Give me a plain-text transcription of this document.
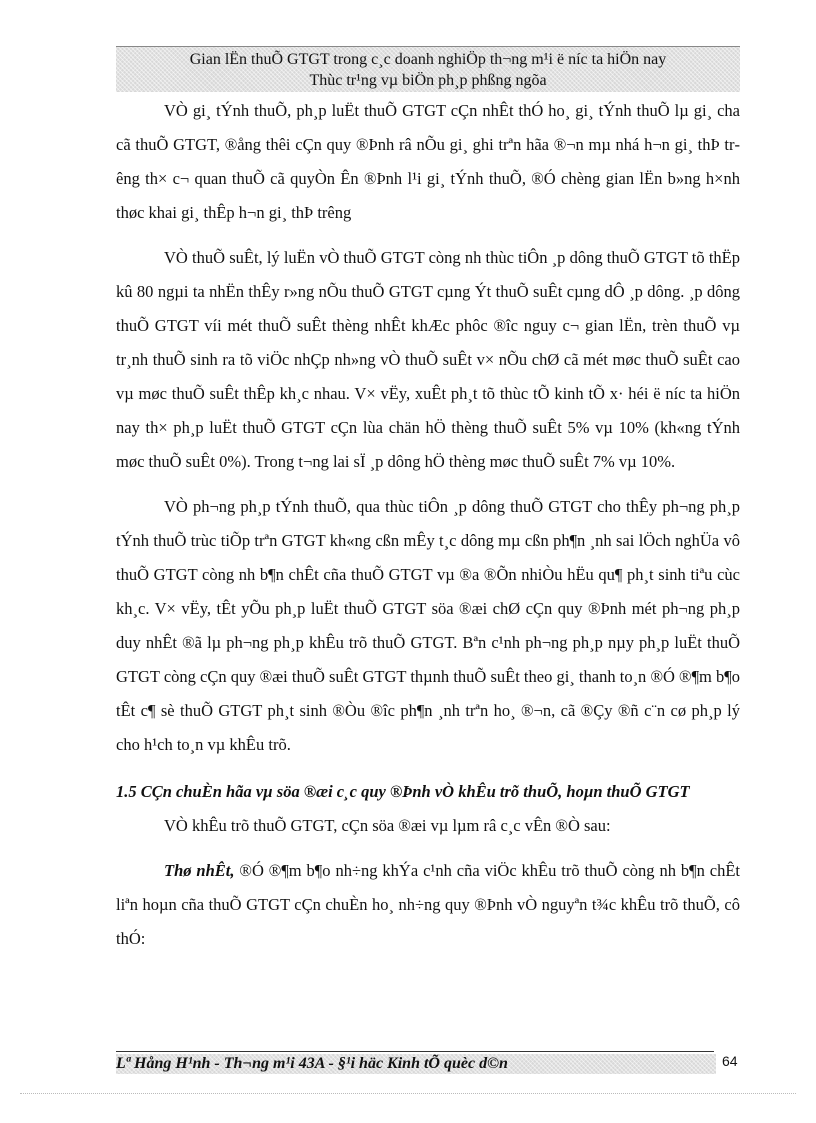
Gian lËn thuÕ GTGT trong c¸c doanh nghiÖp th¬ng m¹i ë níc ta hiÖn nay
Thùc tr¹ng vµ biÖn ph¸p phßng ngõa

VÒ gi¸ tÝnh thuÕ, ph¸p luËt thuÕ GTGT cÇn nhÊt thÓ ho¸ gi¸ tÝnh thuÕ lµ gi¸ cha cã thuÕ GTGT, ®ång thêi cÇn quy ®Þnh râ nÕu gi¸ ghi trªn hãa ®¬n mµ nhá h¬n gi¸ thÞ trêng th× c¬ quan thuÕ cã quyÒn Ên ®Þnh l¹i gi¸ tÝnh thuÕ, ®Ó chèng gian lËn b»ng h×nh thøc khai gi¸ thÊp h¬n gi¸ thÞ trêng

VÒ thuÕ suÊt, lý luËn vÒ thuÕ GTGT còng nh thùc tiÔn ¸p dông thuÕ GTGT tõ thËp kû 80 ngµi ta nhËn thÊy r»ng nÕu thuÕ GTGT cµng Ýt thuÕ suÊt cµng dÔ ¸p dông. ¸p dông thuÕ GTGT víi mét thuÕ suÊt thèng nhÊt khÆc phôc ®îc nguy c¬ gian lËn, trèn thuÕ vµ tr¸nh thuÕ sinh ra tõ viÖc nhÇp nh»ng vÒ thuÕ suÊt v× nÕu chØ cã mét møc thuÕ suÊt cao vµ møc thuÕ suÊt thÊp kh¸c nhau. V× vËy, xuÊt ph¸t tõ thùc tÕ kinh tÕ x· héi ë níc ta hiÖn nay th× ph¸p luËt thuÕ GTGT cÇn lùa chän hÖ thèng thuÕ suÊt 5% vµ 10% (kh«ng tÝnh møc thuÕ suÊt 0%). Trong t¬ng lai sÏ ¸p dông hÖ thèng møc thuÕ suÊt 7% vµ 10%.

VÒ ph¬ng ph¸p tÝnh thuÕ, qua thùc tiÔn ¸p dông thuÕ GTGT cho thÊy ph¬ng ph¸p tÝnh thuÕ trùc tiÕp trªn GTGT kh«ng cßn mÊy t¸c dông mµ cßn ph¶n ¸nh sai lÖch nghÜa vô thuÕ GTGT còng nh b¶n chÊt cña thuÕ GTGT vµ ®a ®Õn nhiÒu hËu qu¶ ph¸t sinh tiªu cùc kh¸c. V× vËy, tÊt yÕu ph¸p luËt thuÕ GTGT söa ®æi chØ cÇn quy ®Þnh mét ph¬ng ph¸p duy nhÊt ®ã lµ ph¬ng ph¸p khÊu trõ thuÕ GTGT. Bªn c¹nh ph¬ng ph¸p nµy ph¸p luËt thuÕ GTGT còng cÇn quy ®æi thuÕ suÊt GTGT thµnh thuÕ suÊt theo gi¸ thanh to¸n ®Ó ®¶m b¶o tÊt c¶ sè thuÕ GTGT ph¸t sinh ®Òu ®îc ph¶n ¸nh trªn ho¸ ®¬n, cã ®Çy ®ñ c¨n cø ph¸p lý cho h¹ch to¸n vµ khÊu trõ.

1.5 CÇn chuÈn hãa vµ söa ®æi c¸c quy ®Þnh vÒ khÊu trõ thuÕ, hoµn thuÕ GTGT

VÒ khÊu trõ thuÕ GTGT, cÇn söa ®æi vµ lµm râ c¸c vÊn ®Ò sau:

Thø nhÊt, ®Ó ®¶m b¶o nh÷ng khÝa c¹nh cña viÖc khÊu trõ thuÕ còng nh b¶n chÊt liªn hoµn cña thuÕ GTGT cÇn chuÈn ho¸ nh÷ng quy ®Þnh vÒ nguyªn t¾c khÊu trõ thuÕ, cô thÓ:

Lª Hång H¹nh - Th¬ng m¹i 43A - §¹i häc Kinh tÕ quèc d©n	64
